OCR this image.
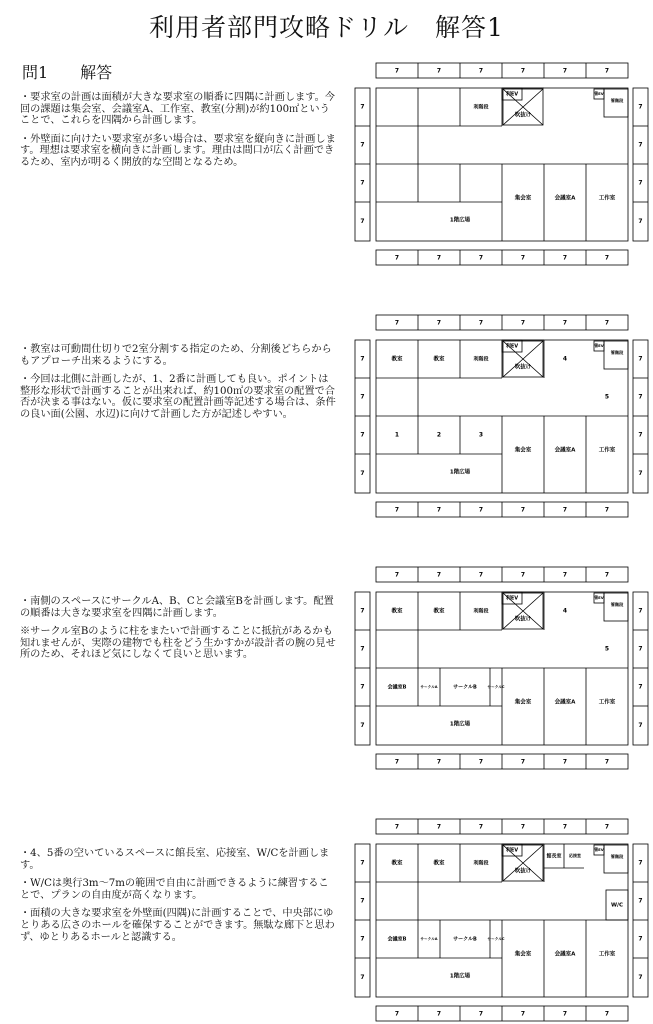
利用者部門攻略ドリル　解答1
問1　　解答

・要求室の計画は面積が大きな要求室の順番に四隅に計画します。今回の課題は集会室、会議室A、工作室、教室(分割)が約100㎡ということで、これらを四隅から計画します。

・外壁面に向けたい要求室が多い場合は、要求室を縦向きに計画します。理想は要求室を横向きに計画します。理由は間口が広く計画できるため、室内が明るく開放的な空間となるため。

・教室は可動間仕切りで2室分割する指定のため、分割後どちらからもアプローチ出来るようにする。

・今回は北側に計画したが、1、2番に計画しても良い。ポイントは整形な形状で計画することが出来れば、約100㎡の要求室の配置で合否が決まる事はない。仮に要求室の配置計画等記述する場合は、条件の良い面(公園、水辺)に向けて計画した方が記述しやすい。

・南側のスペースにサークルA、B、Cと会議室Bを計画します。配置の順番は大きな要求室を四隅に計画します。

※サークル室Bのように柱をまたいで計画することに抵抗があるかも知れませんが、実際の建物でも柱をどう生かすかが設計者の腕の見せ所のため、それほど気にしなくて良いと思います。

・4、5番の空いているスペースに館長室、応接室、W/Cを計画します。

・W/Cは奥行3m～7mの範囲で自由に計画できるように練習することで、プランの自由度が高くなります。

・面積の大きな要求室を外壁面(四隅)に計画することで、中央部にゆとりある広さのホールを確保することができます。無駄な廊下と思わず、ゆとりあるホールと認識する。

7
7
7
7
7
7
7
7
7
7
7
7
7	7
7	7
7	7
7	7
利EV
利階段
吹抜け
管EV
管階段
集会室	会議室A	工作室
1階広場
7
7
7
7
7
7
7
7
7
7
7
7
7	7
7	7
7	7
7	7
利EV
利階段
吹抜け
管EV
管階段
集会室	会議室A	工作室
1階広場
教室	教室	4
5
1	2	3
7
7
7
7
7
7
7
7
7
7
7
7
7	7
7	7
7	7
7	7
利EV
利階段
吹抜け
管EV
管階段
集会室	会議室A	工作室
1階広場
教室	教室	4
5
会議室B	サークルA	サークルB	サークルC
7
7
7
7
7
7
7
7
7
7
7
7
7	7
7	7
7	7
7	7
利EV
利階段
吹抜け
管EV
管階段
集会室	会議室A	工作室
1階広場
教室	教室
会議室B	サークルA	サークルB	サークルC
館長室 応接室
W/C
